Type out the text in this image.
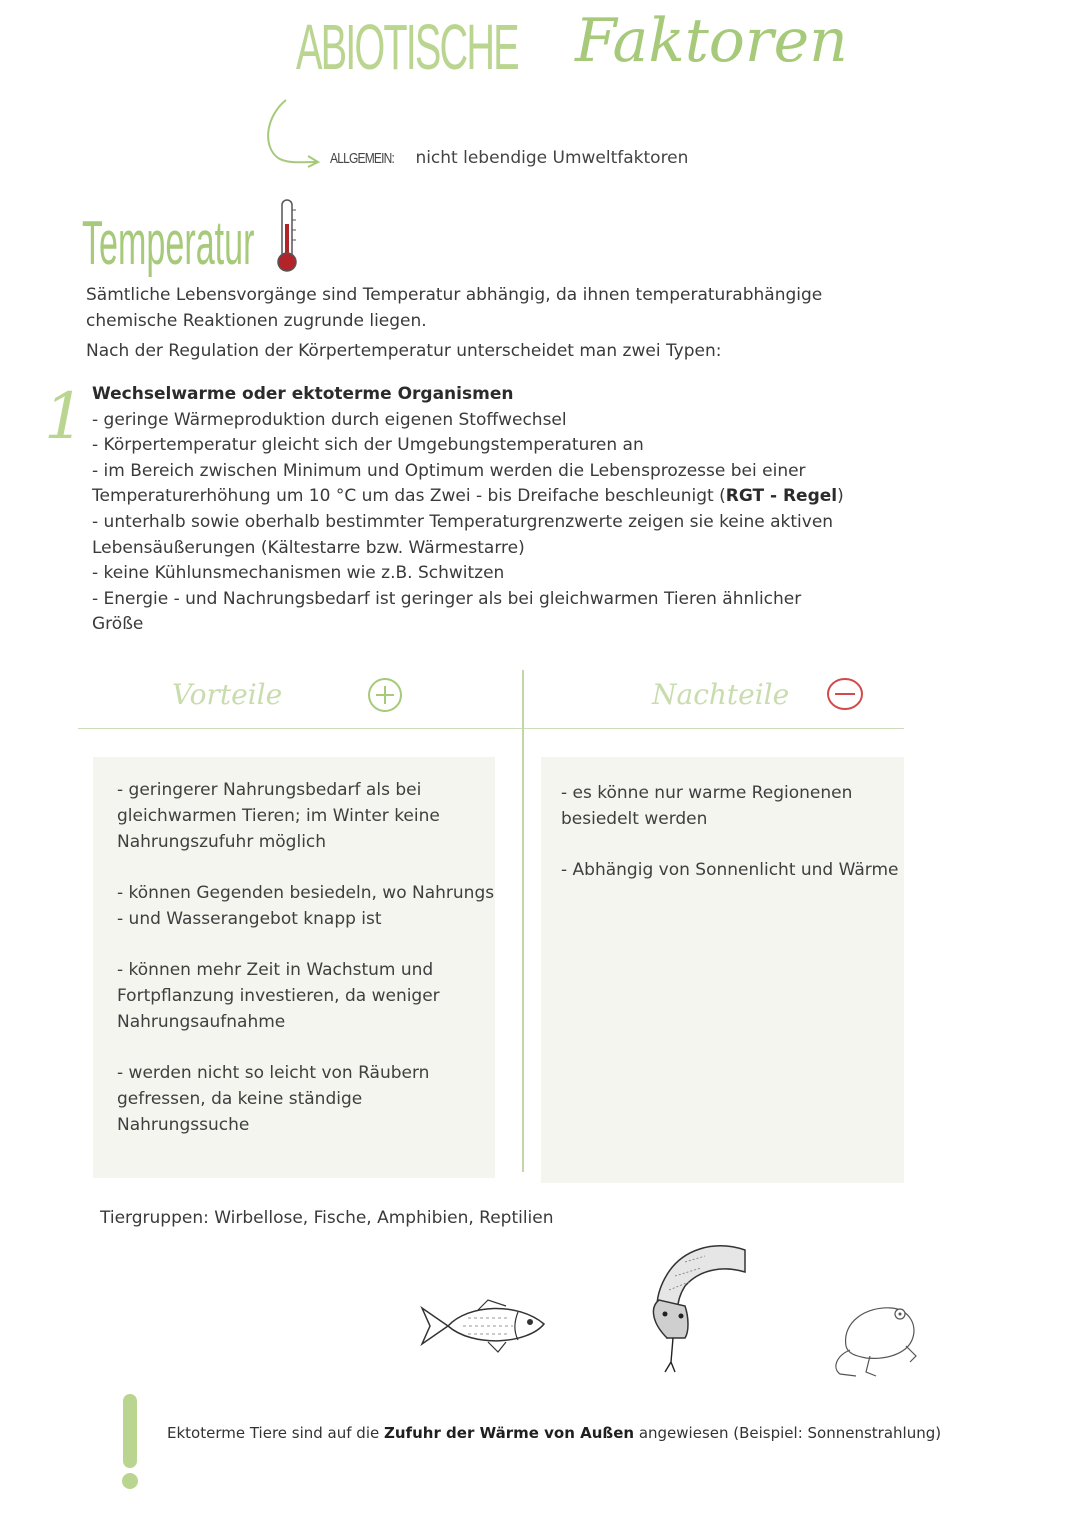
ABIOTISCHE Faktoren
ALLGEMEIN: nicht lebendige Umweltfaktoren
Temperatur
Sämtliche Lebensvorgänge sind Temperatur abhängig, da ihnen temperaturabhängige
chemische Reaktionen zugrunde liegen.
Nach der Regulation der Körpertemperatur unterscheidet man zwei Typen:
1 Wechselwarme oder ektoterme Organismen
- geringe Wärmeproduktion durch eigenen Stoffwechsel
- Körpertemperatur gleicht sich der Umgebungstemperaturen an
- im Bereich zwischen Minimum und Optimum werden die Lebensprozesse bei einer
Temperaturerhöhung um 10 °C um das Zwei - bis Dreifache beschleunigt (RGT - Regel)
- unterhalb sowie oberhalb bestimmter Temperaturgrenzwerte zeigen sie keine aktiven
Lebensäußerungen (Kältestarre bzw. Wärmestarre)
- keine Kühlunsmechanismen wie z.B. Schwitzen
- Energie - und Nachrungsbedarf ist geringer als bei gleichwarmen Tieren ähnlicher
Größe
Vorteile	Nachteile

- geringerer Nahrungsbedarf als bei gleichwarmen Tieren; im Winter keine Nahrungszufuhr möglich

- können Gegenden besiedeln, wo Nahrungs - und Wasserangebot knapp ist

- können mehr Zeit in Wachstum und Fortpflanzung investieren, da weniger Nahrungsaufnahme

- werden nicht so leicht von Räubern gefressen, da keine ständige Nahrungssuche

- es könne nur warme Regionenen besiedelt werden

- Abhängig von Sonnenlicht und Wärme

Tiergruppen: Wirbellose, Fische, Amphibien, Reptilien
Ektoterme Tiere sind auf die Zufuhr der Wärme von Außen angewiesen (Beispiel: Sonnenstrahlung)
